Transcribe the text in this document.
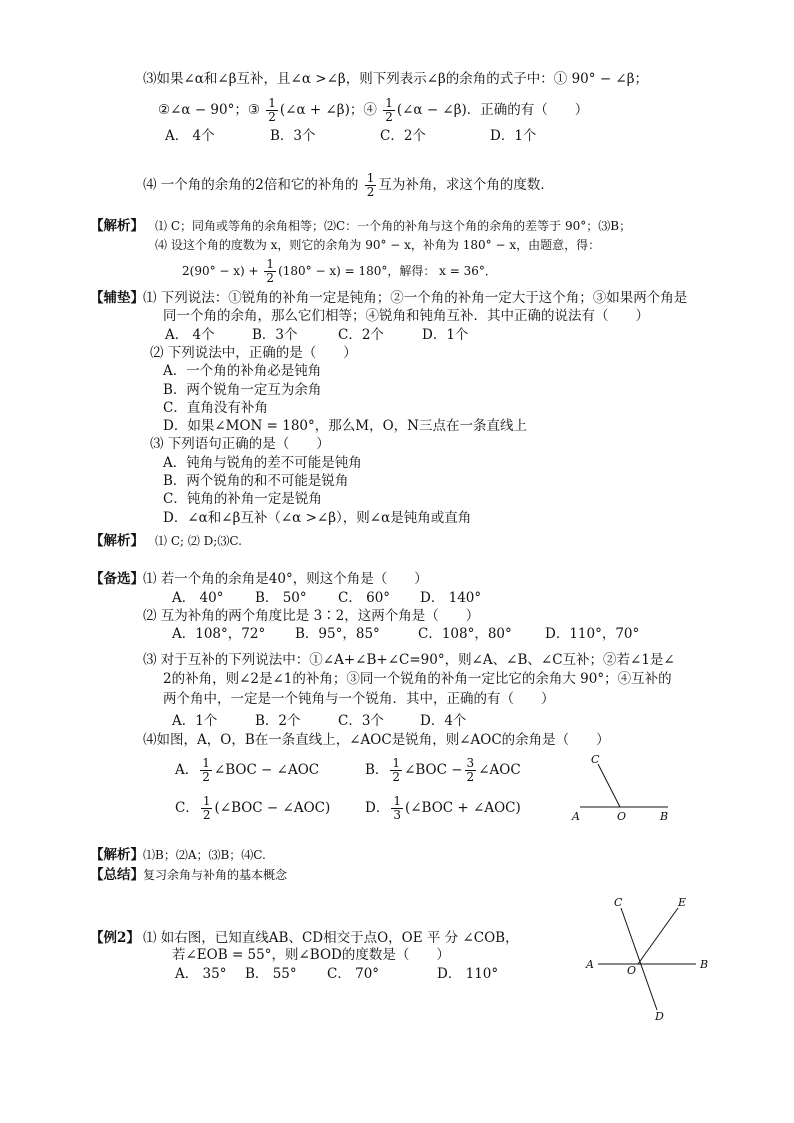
⑶如果∠α和∠β互补，且∠α >∠β，则下列表示∠β的余角的式子中：① 90° − ∠β；
②∠α − 90°；③ $\frac{1}{2}$ (∠α + ∠β)；④ $\frac{1}{2}$ (∠α − ∠β)．正确的有（　　）
A． 4个	B．3个	C．2个	D．1个
⑷ 一个角的余角的2倍和它的补角的 $\frac{1}{2}$ 互为补角，求这个角的度数．
【解析】 ⑴ C；同角或等角的余角相等；⑵C：一个角的补角与这个角的余角的差等于 90°；⑶B；
⑷ 设这个角的度数为 x，则它的余角为 90° − x，补角为 180° − x，由题意，得：
$2(90^\circ - x) + \frac{1}{2} (180^\circ - x) = 180^\circ$，解得： x = 36°．
【辅垫】 ⑴ 下列说法：①锐角的补角一定是钝角；②一个角的补角一定大于这个角；③如果两个角是
同一个角的余角，那么它们相等；④锐角和钝角互补．其中正确的说法有（　　）
A． 4个	B．3个	C．2个	D．1个
⑵ 下列说法中，正确的是（　　）
A．一个角的补角必是钝角
B．两个锐角一定互为余角
C．直角没有补角
D．如果∠MON = 180°，那么M，O，N三点在一条直线上
⑶ 下列语句正确的是（　　）
A．钝角与锐角的差不可能是钝角
B．两个锐角的和不可能是锐角
C．钝角的补角一定是锐角
D．∠α和∠β互补（∠α >∠β），则∠α是钝角或直角
【解析】 ⑴ C; ⑵ D;⑶C.
【备选】 ⑴ 若一个角的余角是40°，则这个角是（　　）
A． 40° B． 50° C． 60° D． 140°
⑵ 互为补角的两个角度比是 3∶2，这两个角是（　　）
A．108°，72° B．95°，85°	C．108°，80° D．110°，70°
⑶ 对于互补的下列说法中：①∠A+∠B+∠C=90°，则∠A、∠B、∠C互补；②若∠1是∠
2的补角，则∠2是∠1的补角；③同一个锐角的补角一定比它的余角大 90°；④互补的
两个角中，一定是一个钝角与一个锐角．其中，正确的有（　　）
A．1个	B．2个	C．3个	D．4个
⑷如图，A，O，B在一条直线上，∠AOC是锐角，则∠AOC的余角是（　　）
A． $\frac{1}{2}$ ∠BOC − ∠AOC	B． $\frac{1}{2}$ ∠BOC − $\frac{3}{2}$ ∠AOC
C． $\frac{1}{2}$ (∠BOC − ∠AOC)	D． $\frac{1}{3}$ (∠BOC + ∠AOC)
A	O	B
C
【解析】 ⑴B；⑵A；⑶B；⑷C.
【总结】 复习余角与补角的基本概念
【例2】 ⑴ 如右图，已知直线AB、CD相交于点O，OE 平 分 ∠COB，
若∠EOB = 55°，则∠BOD的度数是（　　）
A． 35° B． 55° C． 70°	D． 110°
A	O	B
C	E
D
